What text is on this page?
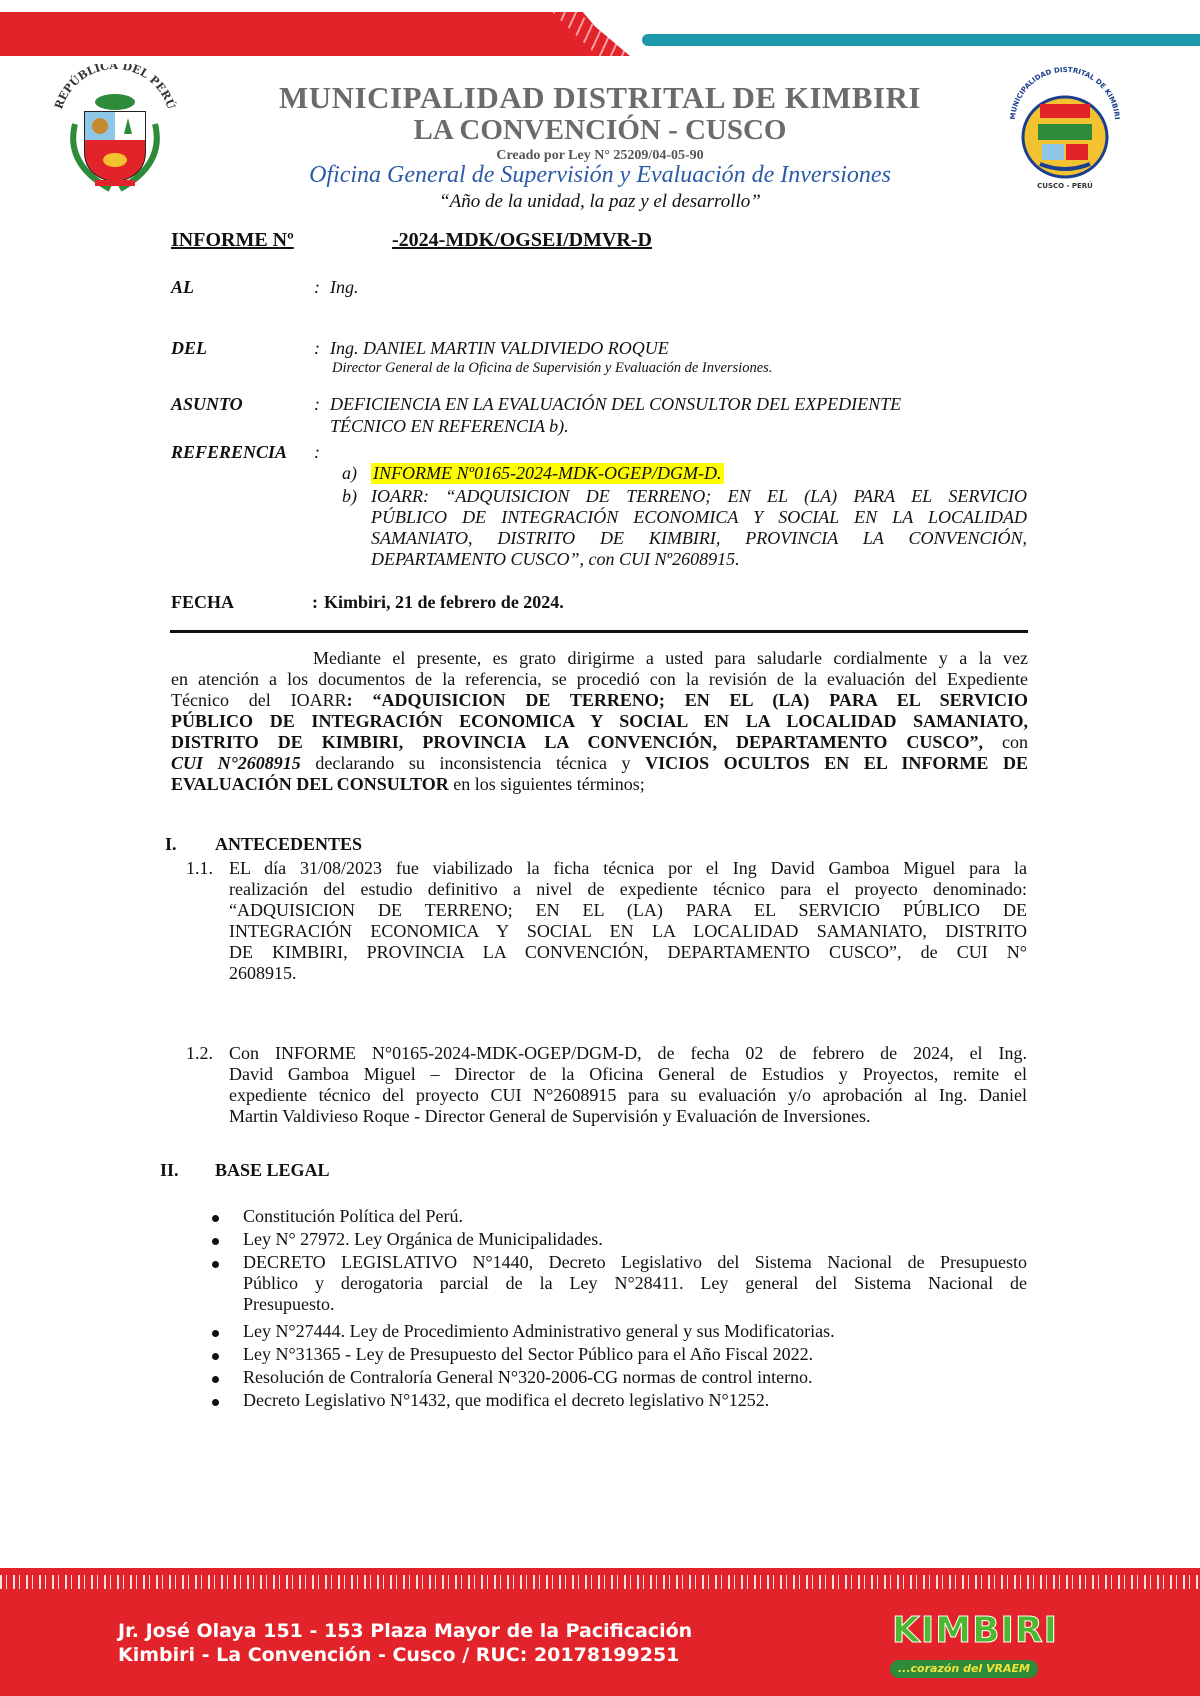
REPÚBLICA DEL PERÚ	MUNICIPALIDAD DISTRITAL DE KIMBIRI
LA CONVENCIÓN - CUSCO
Creado por Ley N° 25209/04-05-90
Oficina General de Supervisión y Evaluación de Inversiones
“Año de la unidad, la paz y el desarrollo”
MUNICIPALIDAD DISTRITAL DE KIMBIRI
CUSCO - PERÚ
INFORME Nº	-2024-MDK/OGSEI/DMVR-D
AL	: Ing.
DEL	: Ing. DANIEL MARTIN VALDIVIEDO ROQUE
Director General de la Oficina de Supervisión y Evaluación de Inversiones.
ASUNTO	: DEFICIENCIA EN LA EVALUACIÓN DEL CONSULTOR DEL EXPEDIENTE
TÉCNICO EN REFERENCIA b).
REFERENCIA :
a) INFORME Nº0165-2024-MDK-OGEP/DGM-D.
b) IOARR: “ADQUISICION DE TERRENO; EN EL (LA) PARA EL SERVICIO
PÚBLICO DE INTEGRACIÓN ECONOMICA Y SOCIAL EN LA LOCALIDAD
SAMANIATO, DISTRITO DE KIMBIRI, PROVINCIA LA CONVENCIÓN,
DEPARTAMENTO CUSCO”, con CUI Nº2608915.
FECHA	: Kimbiri, 21 de febrero de 2024.
Mediante el presente, es grato dirigirme a usted para saludarle cordialmente y a la vez
en atención a los documentos de la referencia, se procedió con la revisión de la evaluación del Expediente
Técnico del IOARR: “ADQUISICION DE TERRENO; EN EL (LA) PARA EL SERVICIO
PÚBLICO DE INTEGRACIÓN ECONOMICA Y SOCIAL EN LA LOCALIDAD SAMANIATO,
DISTRITO DE KIMBIRI, PROVINCIA LA CONVENCIÓN, DEPARTAMENTO CUSCO”, con
CUI N°2608915 declarando su inconsistencia técnica y VICIOS OCULTOS EN EL INFORME DE
EVALUACIÓN DEL CONSULTOR en los siguientes términos;
I. ANTECEDENTES
1.1. EL día 31/08/2023 fue viabilizado la ficha técnica por el Ing David Gamboa Miguel para la
realización del estudio definitivo a nivel de expediente técnico para el proyecto denominado:
“ADQUISICION DE TERRENO; EN EL (LA) PARA EL SERVICIO PÚBLICO DE
INTEGRACIÓN ECONOMICA Y SOCIAL EN LA LOCALIDAD SAMANIATO, DISTRITO
DE KIMBIRI, PROVINCIA LA CONVENCIÓN, DEPARTAMENTO CUSCO”, de CUI N°
2608915.
1.2. Con INFORME N°0165-2024-MDK-OGEP/DGM-D, de fecha 02 de febrero de 2024, el Ing.
David Gamboa Miguel – Director de la Oficina General de Estudios y Proyectos, remite el
expediente técnico del proyecto CUI N°2608915 para su evaluación y/o aprobación al Ing. Daniel
Martin Valdivieso Roque - Director General de Supervisión y Evaluación de Inversiones.
II. BASE LEGAL
Constitución Política del Perú.
Ley N° 27972. Ley Orgánica de Municipalidades.
DECRETO LEGISLATIVO N°1440, Decreto Legislativo del Sistema Nacional de Presupuesto
Público y derogatoria parcial de la Ley N°28411. Ley general del Sistema Nacional de
Presupuesto.
Ley N°27444. Ley de Procedimiento Administrativo general y sus Modificatorias.
Ley N°31365 - Ley de Presupuesto del Sector Público para el Año Fiscal 2022.
Resolución de Contraloría General N°320-2006-CG normas de control interno.
Decreto Legislativo N°1432, que modifica el decreto legislativo N°1252.
Jr. José Olaya 151 - 153 Plaza Mayor de la Pacificación
Kimbiri - La Convención - Cusco / RUC: 20178199251
KIMBIRI
...corazón del VRAEM
